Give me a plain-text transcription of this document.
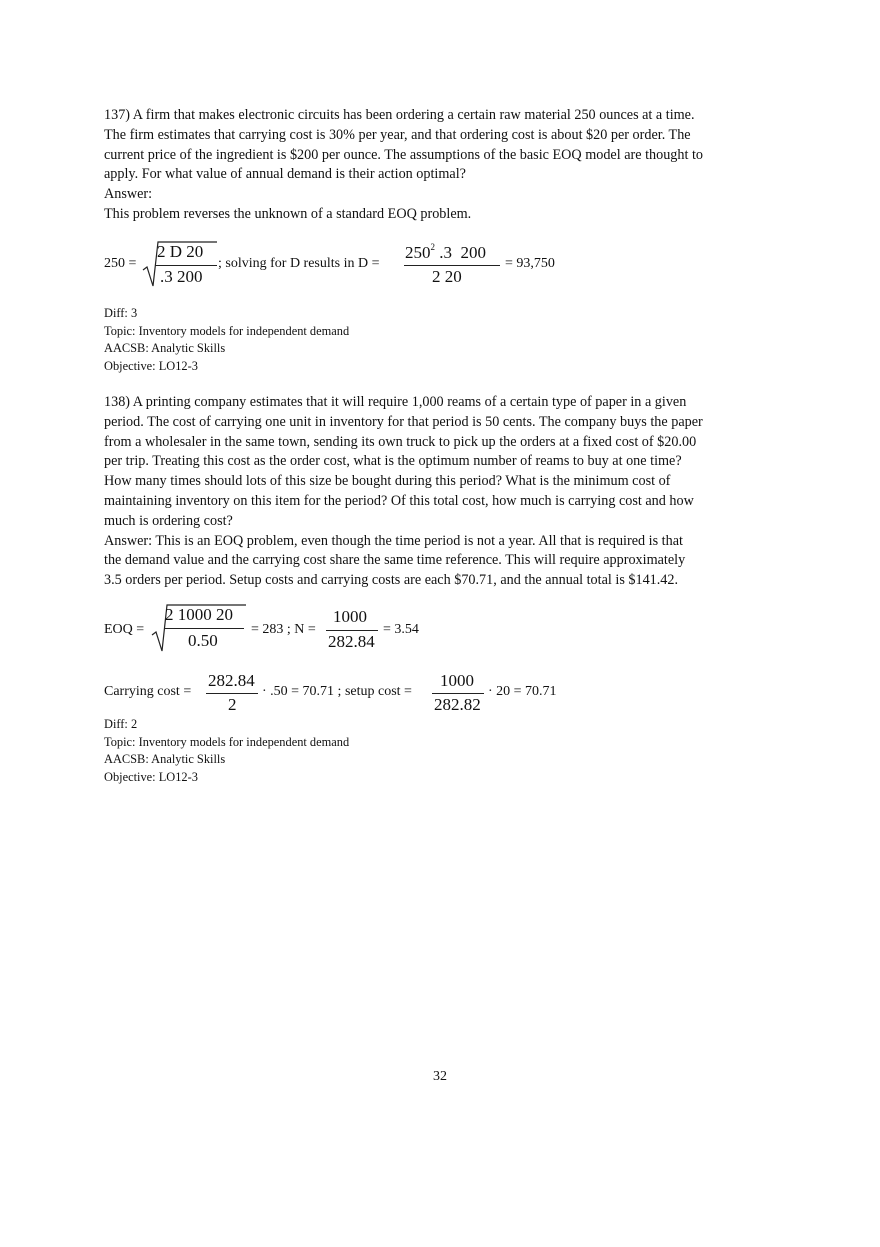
137) A firm that makes electronic circuits has been ordering a certain raw material 250 ounces at a time.
The firm estimates that carrying cost is 30% per year, and that ordering cost is about $20 per order. The
current price of the ingredient is $200 per ounce. The assumptions of the basic EOQ model are thought to
apply. For what value of annual demand is their action optimal?
Answer:
This problem reverses the unknown of a standard EOQ problem.
250 =
2 D 20
.3 200
; solving for D results in D =
$250^2$ .3  200
2 20
= 93,750
Diff: 3
Topic: Inventory models for independent demand
AACSB: Analytic Skills
Objective: LO12-3
138) A printing company estimates that it will require 1,000 reams of a certain type of paper in a given
period. The cost of carrying one unit in inventory for that period is 50 cents. The company buys the paper
from a wholesaler in the same town, sending its own truck to pick up the orders at a fixed cost of $20.00
per trip. Treating this cost as the order cost, what is the optimum number of reams to buy at one time?
How many times should lots of this size be bought during this period? What is the minimum cost of
maintaining inventory on this item for the period? Of this total cost, how much is carrying cost and how
much is ordering cost?
Answer: This is an EOQ problem, even though the time period is not a year. All that is required is that
the demand value and the carrying cost share the same time reference. This will require approximately
3.5 orders per period. Setup costs and carrying costs are each $70.71, and the annual total is $141.42.
EOQ =
2 1000 20
0.50
= 283 ; N =
1000
282.84
= 3.54
Carrying cost =
282.84
2
· .50 = 70.71 ; setup cost =
1000
282.82
· 20 = 70.71
Diff: 2
Topic: Inventory models for independent demand
AACSB: Analytic Skills
Objective: LO12-3
32
